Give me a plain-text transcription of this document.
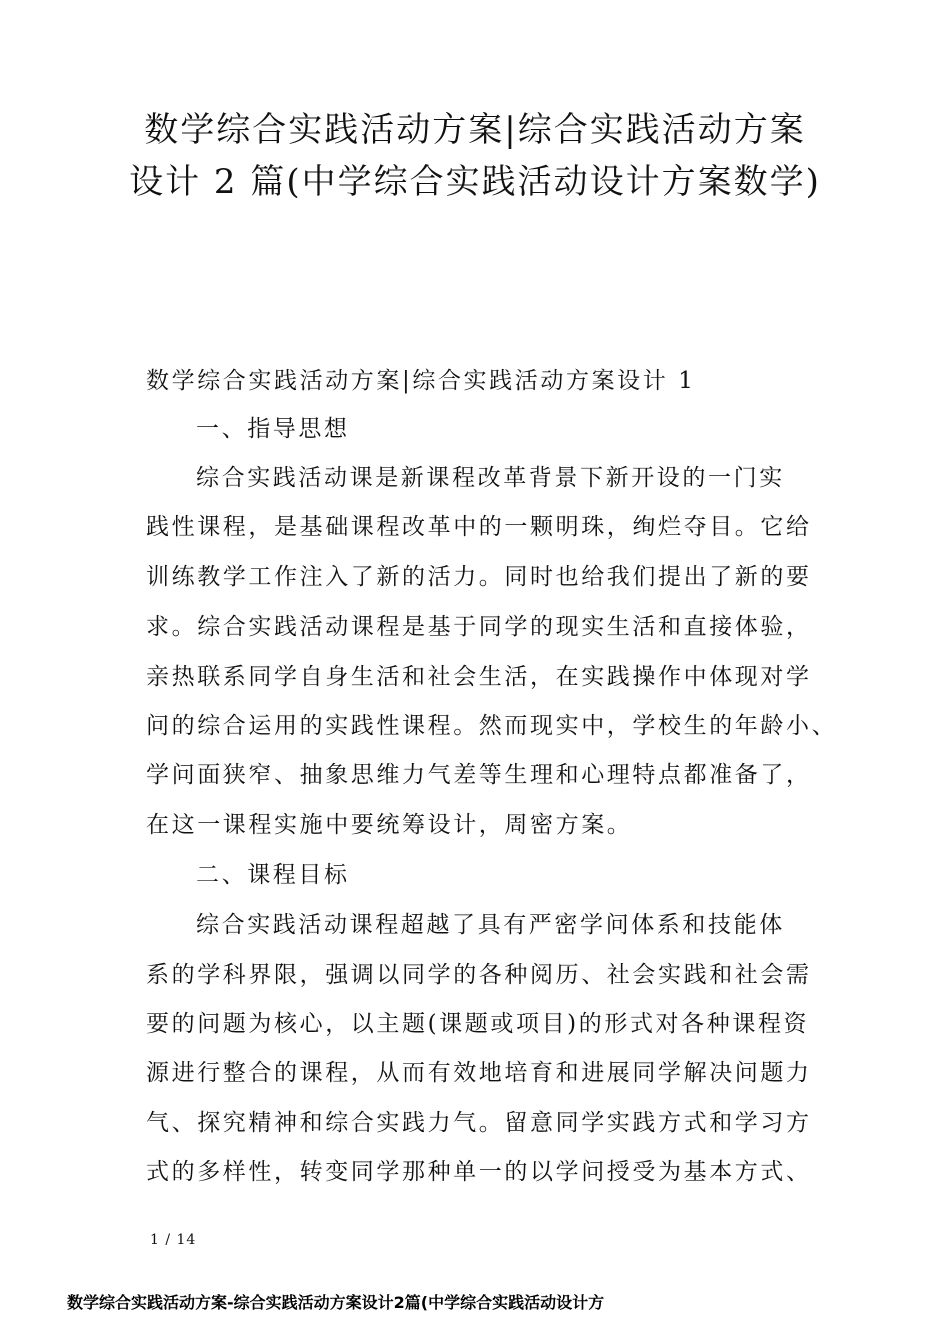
数学综合实践活动方案|综合实践活动方案
设计 2 篇(中学综合实践活动设计方案数学)
数学综合实践活动方案|综合实践活动方案设计 1
一、指导思想
综合实践活动课是新课程改革背景下新开设的一门实
践性课程，是基础课程改革中的一颗明珠，绚烂夺目。它给
训练教学工作注入了新的活力。同时也给我们提出了新的要
求。综合实践活动课程是基于同学的现实生活和直接体验，
亲热联系同学自身生活和社会生活，在实践操作中体现对学
问的综合运用的实践性课程。然而现实中，学校生的年龄小、
学问面狭窄、抽象思维力气差等生理和心理特点都准备了，
在这一课程实施中要统筹设计，周密方案。
二、课程目标
综合实践活动课程超越了具有严密学问体系和技能体
系的学科界限，强调以同学的各种阅历、社会实践和社会需
要的问题为核心，以主题(课题或项目)的形式对各种课程资
源进行整合的课程，从而有效地培育和进展同学解决问题力
气、探究精神和综合实践力气。留意同学实践方式和学习方
式的多样性，转变同学那种单一的以学问授受为基本方式、
1 / 14
数学综合实践活动方案-综合实践活动方案设计2篇(中学综合实践活动设计方
